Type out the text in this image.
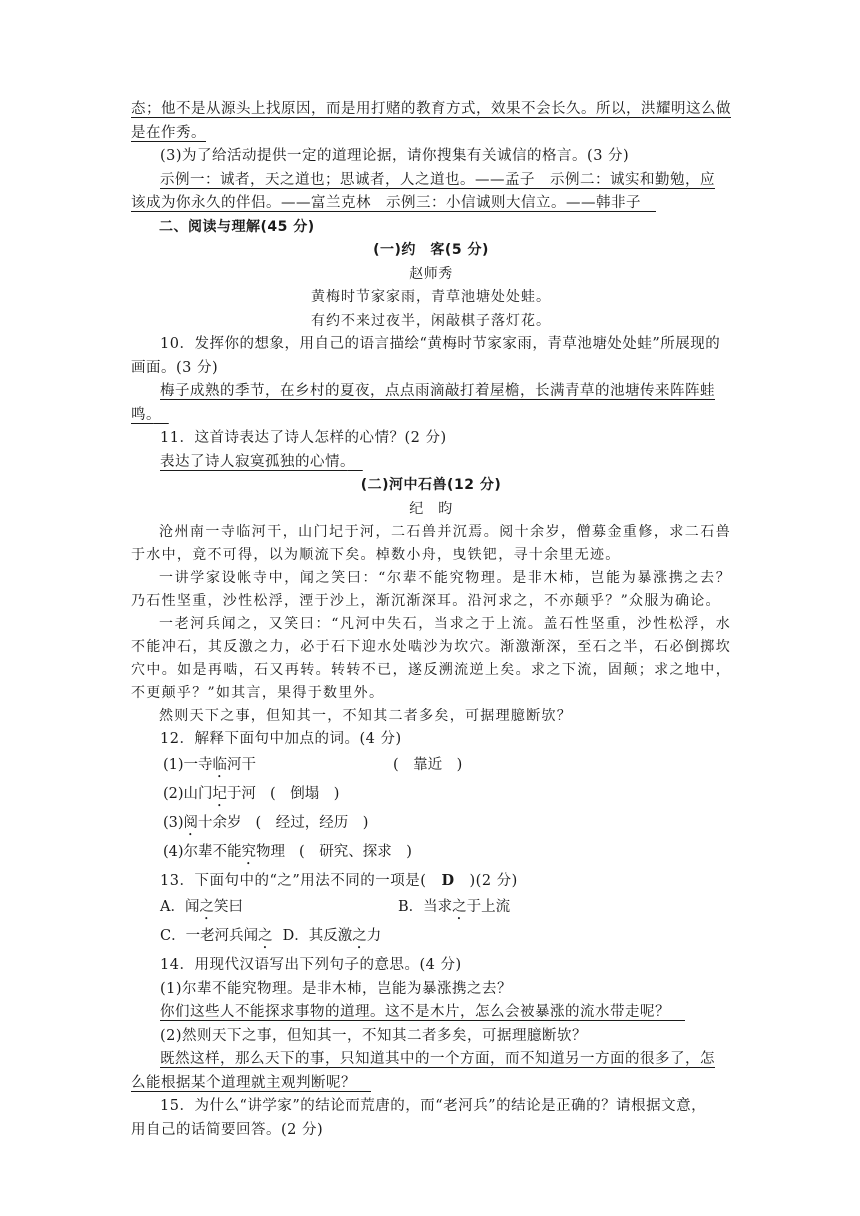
态；他不是从源头上找原因，而是用打赌的教育方式，效果不会长久。所以，洪耀明这么做

是在作秀。

(3)为了给活动提供一定的道理论据，请你搜集有关诚信的格言。(3 分)

示例一：诚者，天之道也；思诚者，人之道也。——孟子　示例二：诚实和勤勉，应

该成为你永久的伴侣。——富兰克林　示例三：小信诚则大信立。——韩非子　

二、阅读与理解(45 分)

(一)约　客(5 分)

赵师秀

黄梅时节家家雨，青草池塘处处蛙。

有约不来过夜半，闲敲棋子落灯花。

10．发挥你的想象，用自己的语言描绘“黄梅时节家家雨，青草池塘处处蛙”所展现的

画面。(3 分)

梅子成熟的季节，在乡村的夏夜，点点雨滴敲打着屋檐，长满青草的池塘传来阵阵蛙

鸣。　

11．这首诗表达了诗人怎样的心情？(2 分)

表达了诗人寂寞孤独的心情。　

(二)河中石兽(12 分)

纪　昀

沧州南一寺临河干，山门圮于河，二石兽并沉焉。阅十余岁，僧募金重修，求二石兽于水中，竟不可得，以为顺流下矣。棹数小舟，曳铁钯，寻十余里无迹。

一讲学家设帐寺中，闻之笑曰：“尔辈不能究物理。是非木杮，岂能为暴涨携之去？乃石性坚重，沙性松浮，湮于沙上，渐沉渐深耳。沿河求之，不亦颠乎？”众服为确论。

一老河兵闻之，又笑曰：“凡河中失石，当求之于上流。盖石性坚重，沙性松浮，水不能冲石，其反激之力，必于石下迎水处啮沙为坎穴。渐激渐深，至石之半，石必倒掷坎穴中。如是再啮，石又再转。转转不已，遂反溯流逆上矣。求之下流，固颠；求之地中，不更颠乎？”如其言，果得于数里外。

然则天下之事，但知其一，不知其二者多矣，可据理臆断欤？

12．解释下面句中加点的词。(4 分)

(1)一寺临河干	(　靠近　)
(2)山门圮于河 (　倒塌　)
(3)阅十余岁 (　经过，经历　)
(4)尔辈不能究物理 (　研究、探求　)

13．下面句中的“之”用法不同的一项是(　D　)(2 分)

A．闻之笑曰	B．当求之于上流
C．一老河兵闻之 D．其反激之力

14．用现代汉语写出下列句子的意思。(4 分)

(1)尔辈不能究物理。是非木杮，岂能为暴涨携之去？

你们这些人不能探求事物的道理。这不是木片，怎么会被暴涨的流水带走呢？　

(2)然则天下之事，但知其一，不知其二者多矣，可据理臆断欤？

既然这样，那么天下的事，只知道其中的一个方面，而不知道另一方面的很多了，怎

么能根据某个道理就主观判断呢？　

15．为什么“讲学家”的结论而荒唐的，而“老河兵”的结论是正确的？请根据文意，

用自己的话简要回答。(2 分)
